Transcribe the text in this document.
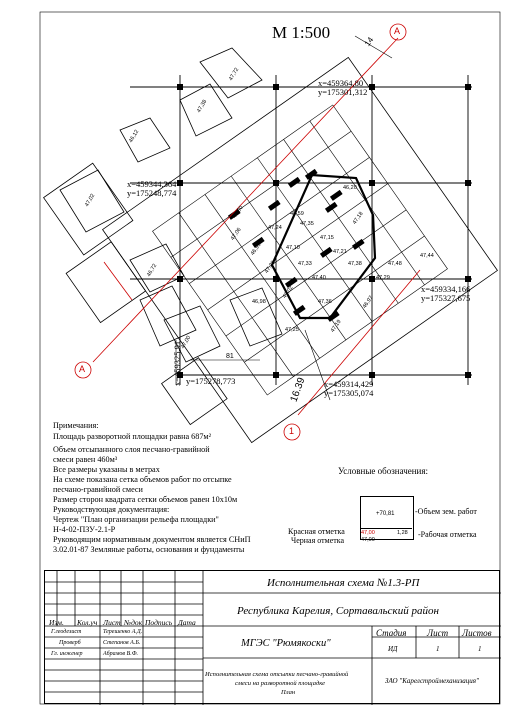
М 1:500	А
А
1
14
16.39
81
x=459364,80
y=175301,312
x=459344,364
y=175248,774
x=459334,166
y=175327,675
x=459325,91 y=175278,773	x=459314,429
y=175305,074
47,00	48,59
46,20
47,06	47,24
47,35
46,99	47,10
47,15
47,28	47,33
47,21
47,18
47,40
47,38
47,02
46,98	47,36
47,19
47,29
47,25
46,97
47,48
47,44
47,72
47,38
46,12
47,02
46,72
47,00
Примечания:
Площадь разворотной площадки равна 687м²
Объем отсыпанного слоя песчано-гравийной
смеси равен 460м³
Все размеры указаны в метрах
На схеме показана сетка объемов работ по отсыпке
песчано-гравийной смеси
Размер сторон квадрата сетки объемов равен 10х10м
Руководствующая документация:
Чертеж "План организации рельефа площадки"
Н-4-02-ПЗУ-2.1-Р
Руководящим нормативным документом является СНиП
3.02.01-87 Земляные работы, основания и фундаменты
Условные обозначения:
+70,81
47,00
47,00
1,28
-Объем зем. работ
-Рабочая отметка
Красная отметка
Черная отметка
Исполнительная схема №1.3-РП
Республика Карелия, Сортавальский район
МГЭС "Рюмякоски"
Стадия Лист Листов
ИД	1	1
Исполнительная схема отсыпки песчано-гравийной
смеси на разворотной площадке
План
ЗАО "Карелстроймеханизация"
Изм. Кол.уч Лист №док Подпись Дата
Г.геодезист	Терешенко А.Д.
Проверб	Степанов А.Б.
Гл. инженер	Абрамов В.Ф.
